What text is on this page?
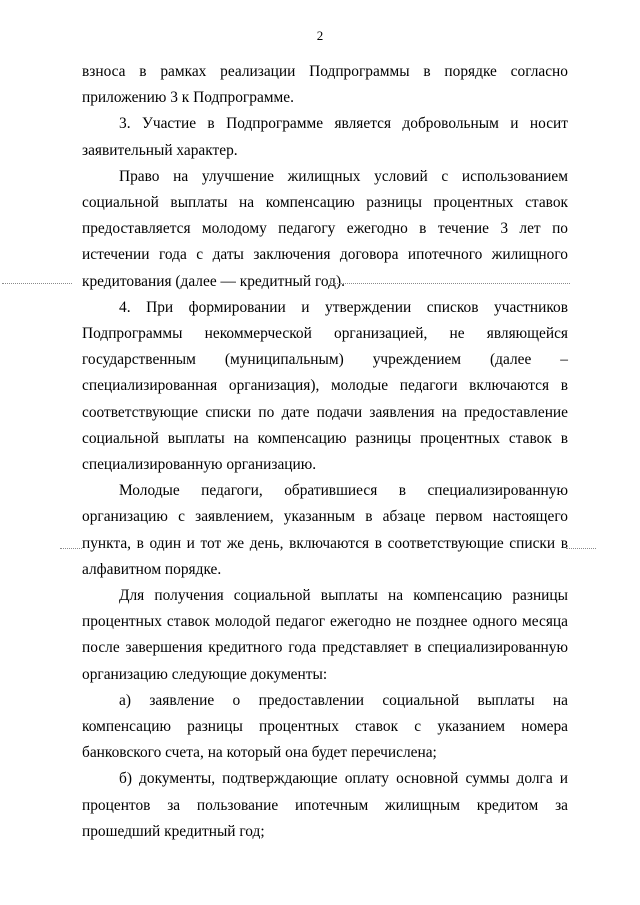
2

взноса в рамках реализации Подпрограммы в порядке согласно приложению 3 к Подпрограмме.

3. Участие в Подпрограмме является добровольным и носит заявительный характер.

Право на улучшение жилищных условий с использованием социальной выплаты на компенсацию разницы процентных ставок предоставляется молодому педагогу ежегодно в течение 3 лет по истечении года с даты заключения договора ипотечного жилищного кредитования (далее — кредитный год).

4. При формировании и утверждении списков участников Подпрограммы некоммерческой организацией, не являющейся государственным (муниципальным) учреждением (далее – специализированная организация), молодые педагоги включаются в соответствующие списки по дате подачи заявления на предоставление социальной выплаты на компенсацию разницы процентных ставок в специализированную организацию.

Молодые педагоги, обратившиеся в специализированную организацию с заявлением, указанным в абзаце первом настоящего пункта, в один и тот же день, включаются в соответствующие списки в алфавитном порядке.

Для получения социальной выплаты на компенсацию разницы процентных ставок молодой педагог ежегодно не позднее одного месяца после завершения кредитного года представляет в специализированную организацию следующие документы:

а) заявление о предоставлении социальной выплаты на компенсацию разницы процентных ставок с указанием номера банковского счета, на который она будет перечислена;

б) документы, подтверждающие оплату основной суммы долга и процентов за пользование ипотечным жилищным кредитом за прошедший кредитный год;
